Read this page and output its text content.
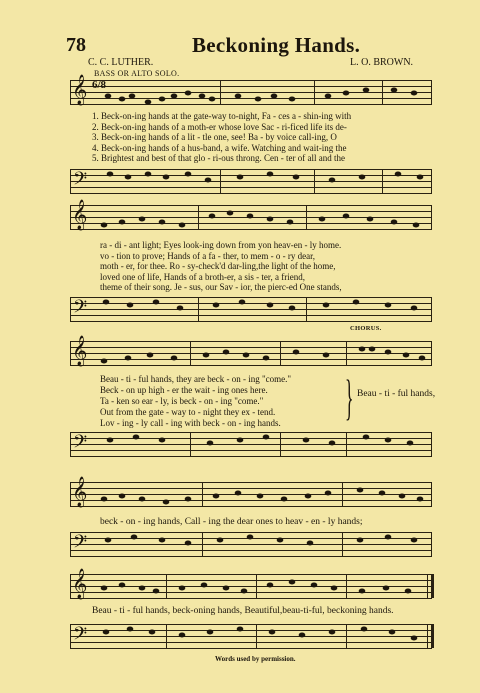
78	Beckoning Hands.
C. C. LUTHER.	L. O. BROWN.
BASS OR ALTO SOLO.
𝄞 6/8
1. Beck-on-ing hands at the gate-way to-night, Fa - ces a - shin-ing with
2. Beck-on-ing hands of a moth-er whose love Sac - ri-ficed life its de-
3. Beck-on-ing hands of a lit - tle one, see! Ba - by voice call-ing, O
4. Beck-on-ing hands of a hus-band, a wife. Watching and wait-ing the
5. Brightest and best of that glo - ri-ous throng. Cen - ter of all and the
𝄢
𝄞
ra - di - ant light; Eyes look-ing down from yon heav-en - ly home.
vo - tion to prove; Hands of a fa - ther, to mem - o - ry dear,
moth - er, for thee. Ro - sy-check'd dar-ling,the light of the home,
loved one of life, Hands of a broth-er, a sis - ter, a friend,
theme of their song. Je - sus, our Sav - ior, the pierc-ed One stands,
𝄢
CHORUS.
𝄞
Beau - ti - ful hands, they are beck - on - ing "come."
Beck - on up high - er the wait - ing ones here.
Ta - ken so ear - ly, is beck - on - ing "come."
Out from the gate - way to - night they ex - tend.
Lov - ing - ly call - ing with beck - on - ing hands. } Beau - ti - ful hands,
𝄢
𝄞
beck - on - ing hands, Call - ing the dear ones to heav - en - ly hands;
𝄢
𝄞
Beau - ti - ful hands, beck-oning hands, Beautiful,beau-ti-ful, beckoning hands.
𝄢
Words used by permission.
